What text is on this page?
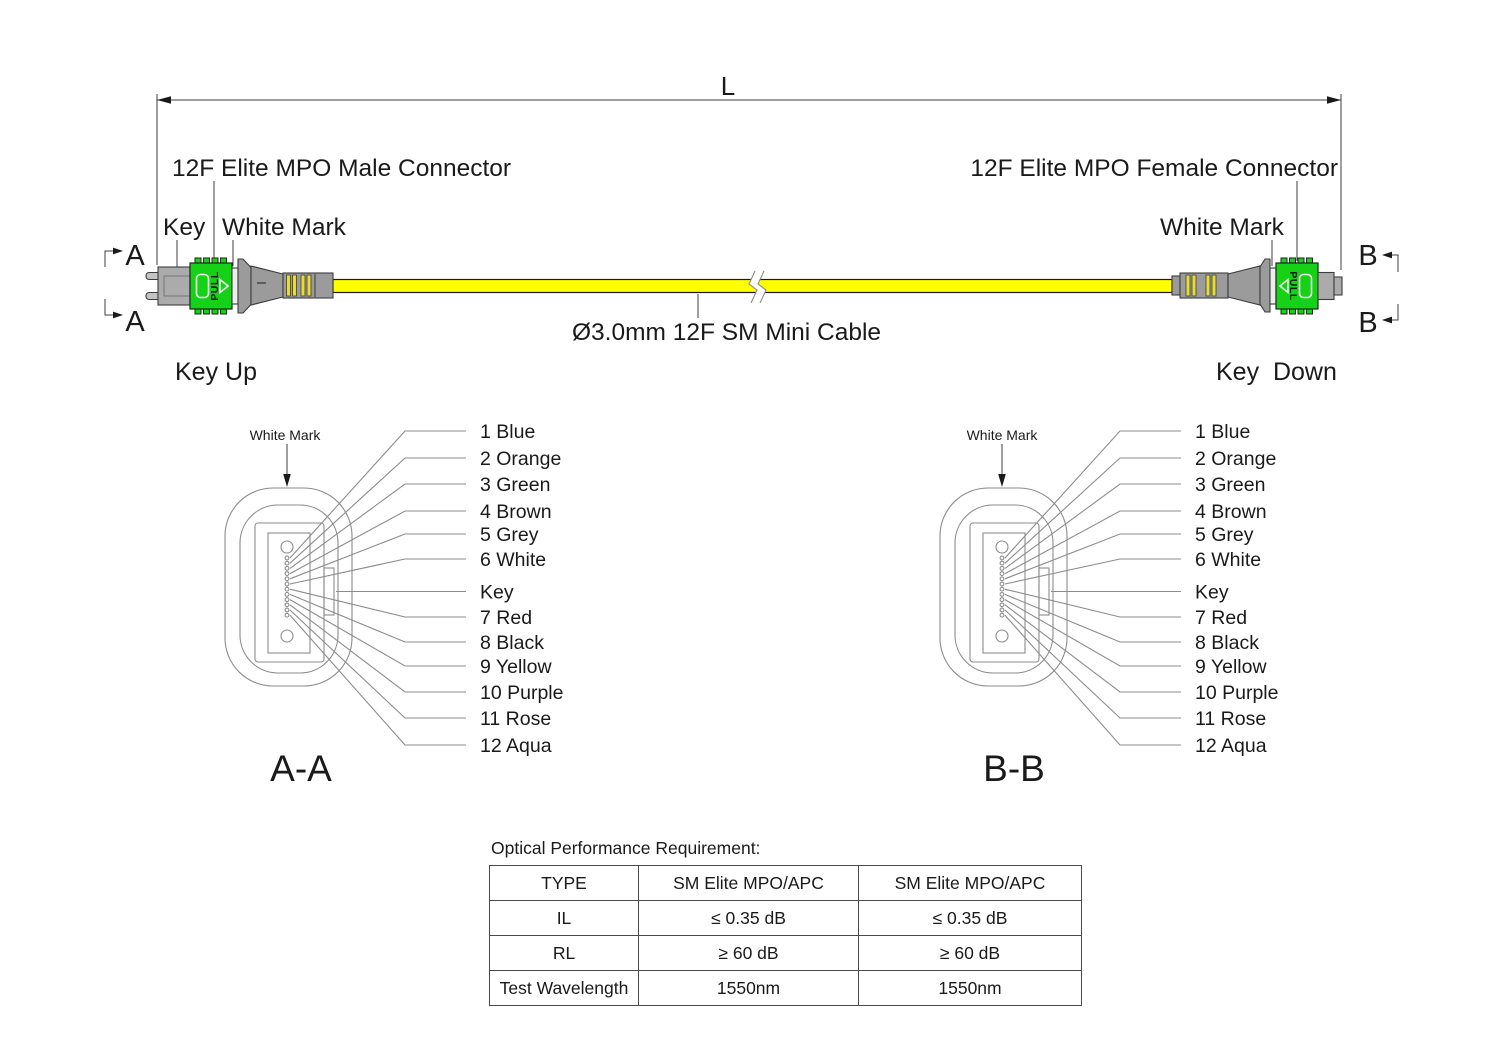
L
12F Elite MPO Male Connector
Key White Mark
12F Elite MPO Female Connector
White Mark
A
A
B
B
Ø3.0mm 12F SM Mini Cable
PULL
Key Up
PULL
Key  Down
White Mark	1 Blue
2 Orange
3 Green
4 Brown
5 Grey
6 White
Key
7 Red
8 Black
9 Yellow
10 Purple
11 Rose
12 Aqua
A-A
White Mark	1 Blue
2 Orange
3 Green
4 Brown
5 Grey
6 White
Key
7 Red
8 Black
9 Yellow
10 Purple
11 Rose
12 Aqua
B-B
Optical Performance Requirement:
TYPE	SM Elite MPO/APC	SM Elite MPO/APC
IL	≤ 0.35 dB	≤ 0.35 dB
RL	≥ 60 dB	≥ 60 dB
Test Wavelength	1550nm	1550nm
